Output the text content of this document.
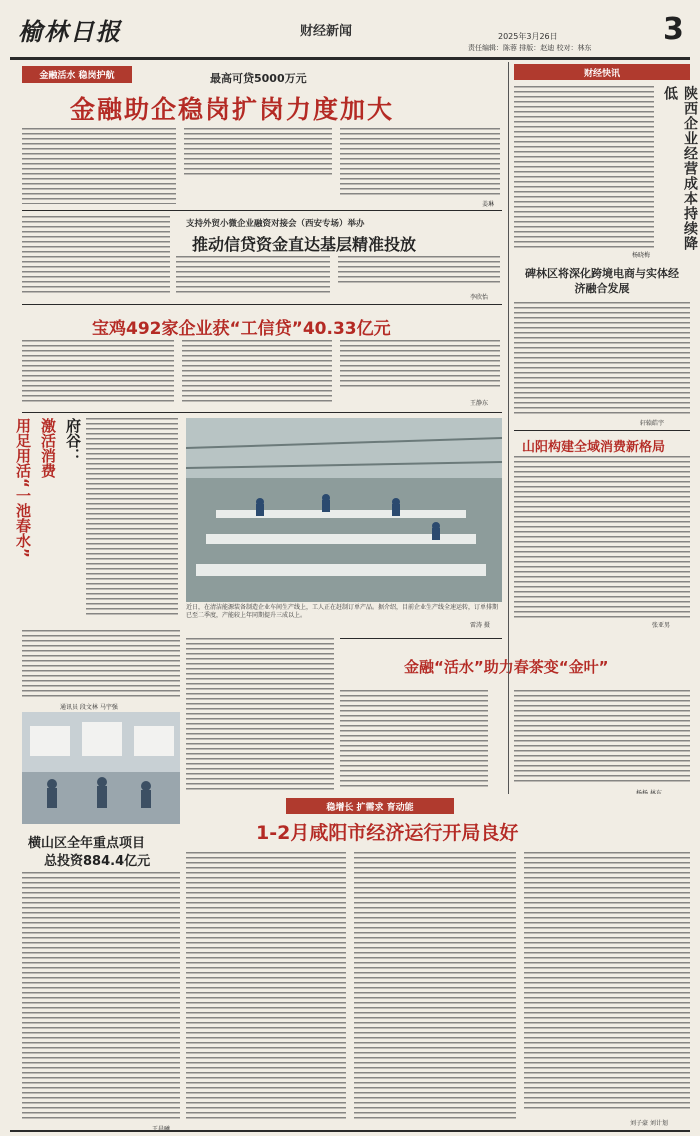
榆林日报	财经新闻	3
2025年3月26日
责任编辑：陈蓉 排版：赵迪 校对：林东
金融活水 稳岗护航	最高可贷5000万元
金融助企稳岗扩岗力度加大
姜琳
支持外贸小微企业融资对接会（西安专场）举办
推动信贷资金直达基层精准投放
李欣怡
宝鸡492家企业获“工信贷”40.33亿元
王静东
府谷：
激活消费
用足用活“一池春水”
近日，在清洁能源装备制造企业车间生产线上，工人正在赶制订单产品。据介绍，目前企业生产线全速运转，订单排期已至二季度，产能较上年同期提升三成以上。
雷涛 摄
通讯员 段文林 马宇强
金融“活水”助力春茶变“金叶”
财经快讯
陕西企业经营成本持续降低
杨晓梅
碑林区将深化跨境电商与实体经济融合发展
轩辕皓宇
山阳构建全域消费新格局
张亚男
稳增长 扩需求 育动能
1-2月咸阳市经济运行开局良好
刘子豪 刘计划
横山区全年重点项目
总投资884.4亿元
